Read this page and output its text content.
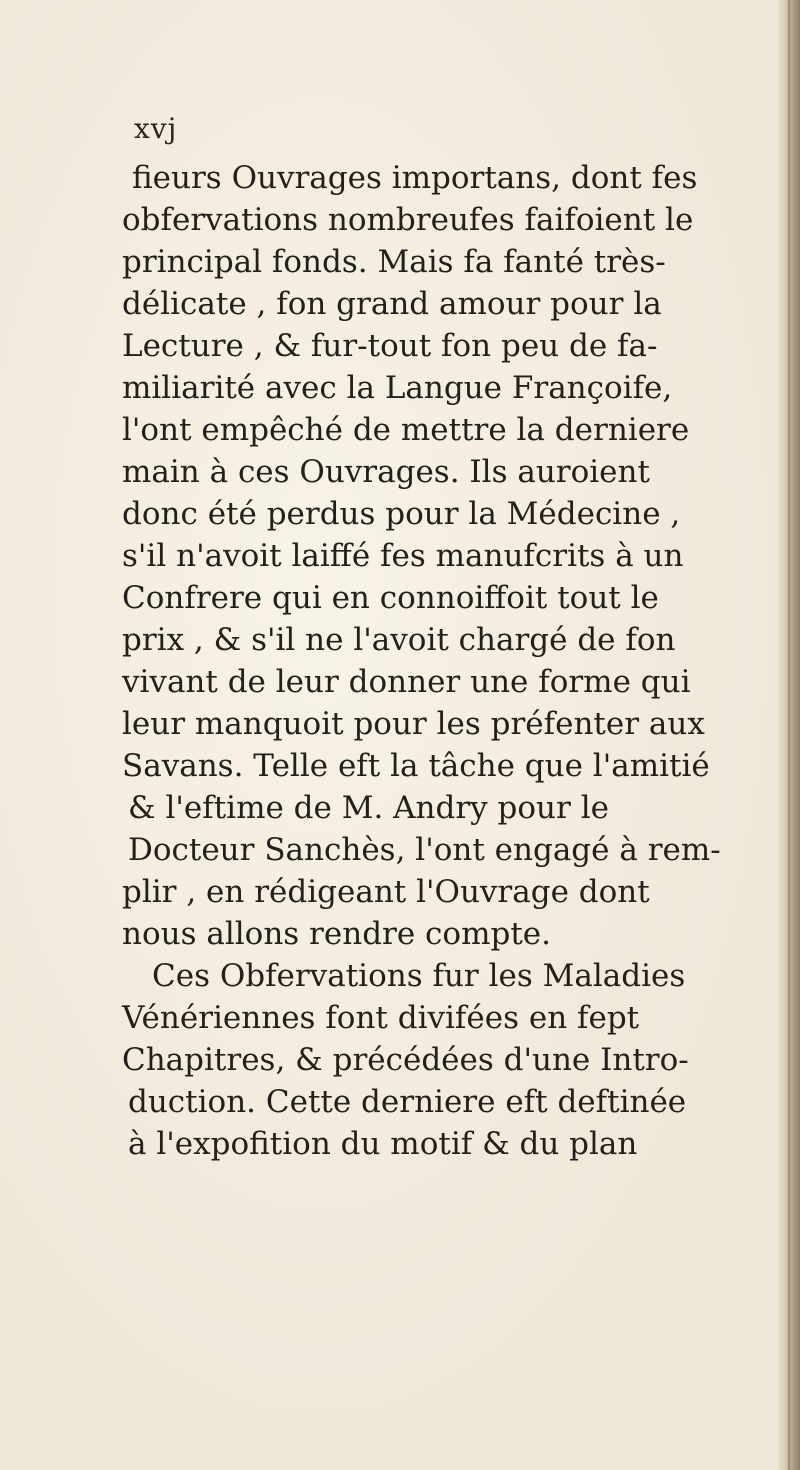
xvj
fieurs Ouvrages importans, dont fes
obfervations nombreufes faifoient le
principal fonds. Mais fa fanté très-
délicate , fon grand amour pour la
Lecture , & fur-tout fon peu de fa-
miliarité avec la Langue Françoife,
l'ont empêché de mettre la derniere
main à ces Ouvrages. Ils auroient
donc été perdus pour la Médecine ,
s'il n'avoit laiffé fes manufcrits à un
Confrere qui en connoiffoit tout le
prix , & s'il ne l'avoit chargé de fon
vivant de leur donner une forme qui
leur manquoit pour les préfenter aux
Savans. Telle eft la tâche que l'amitié
& l'eftime de M. Andry pour le
Docteur Sanchès, l'ont engagé à rem-
plir , en rédigeant l'Ouvrage dont
nous allons rendre compte.
Ces Obfervations fur les Maladies
Vénériennes font divifées en fept
Chapitres, & précédées d'une Intro-
duction. Cette derniere eft deftinée
à l'expofition du motif & du plan
